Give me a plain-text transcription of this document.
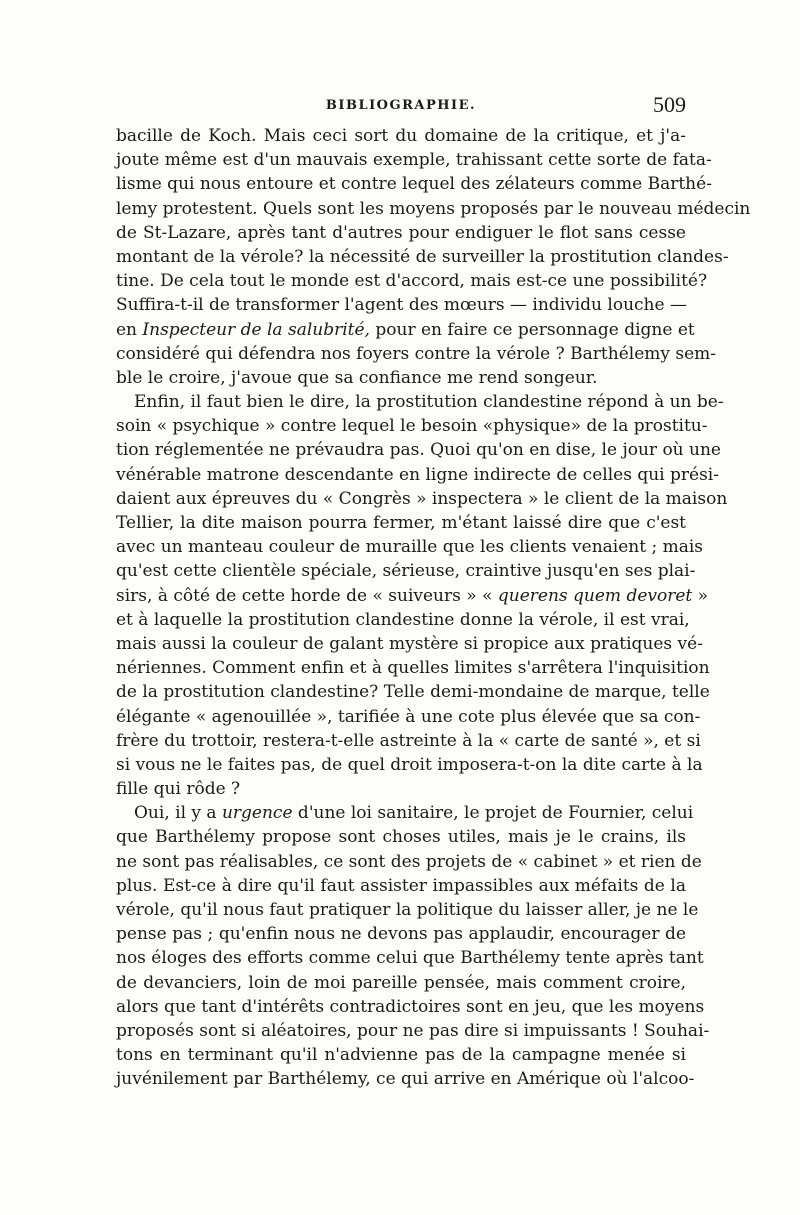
BIBLIOGRAPHIE.	509
bacille de Koch. Mais ceci sort du domaine de la critique, et j'a-
joute même est d'un mauvais exemple, trahissant cette sorte de fata-
lisme qui nous entoure et contre lequel des zélateurs comme Barthé-
lemy protestent. Quels sont les moyens proposés par le nouveau médecin
de St-Lazare, après tant d'autres pour endiguer le flot sans cesse
montant de la vérole? la nécessité de surveiller la prostitution clandes-
tine. De cela tout le monde est d'accord, mais est-ce une possibilité?
Suffira-t-il de transformer l'agent des mœurs — individu louche —
en Inspecteur de la salubrité, pour en faire ce personnage digne et
considéré qui défendra nos foyers contre la vérole ? Barthélemy sem-
ble le croire, j'avoue que sa confiance me rend songeur.
Enfin, il faut bien le dire, la prostitution clandestine répond à un be-
soin « psychique » contre lequel le besoin «physique» de la prostitu-
tion réglementée ne prévaudra pas. Quoi qu'on en dise, le jour où une
vénérable matrone descendante en ligne indirecte de celles qui prési-
daient aux épreuves du « Congrès » inspectera » le client de la maison
Tellier, la dite maison pourra fermer, m'étant laissé dire que c'est
avec un manteau couleur de muraille que les clients venaient ; mais
qu'est cette clientèle spéciale, sérieuse, craintive jusqu'en ses plai-
sirs, à côté de cette horde de « suiveurs » « querens quem devoret »
et à laquelle la prostitution clandestine donne la vérole, il est vrai,
mais aussi la couleur de galant mystère si propice aux pratiques vé-
nériennes. Comment enfin et à quelles limites s'arrêtera l'inquisition
de la prostitution clandestine? Telle demi-mondaine de marque, telle
élégante « agenouillée », tarifiée à une cote plus élevée que sa con-
frère du trottoir, restera-t-elle astreinte à la « carte de santé », et si
si vous ne le faites pas, de quel droit imposera-t-on la dite carte à la
fille qui rôde ?
Oui, il y a urgence d'une loi sanitaire, le projet de Fournier, celui
que Barthélemy propose sont choses utiles, mais je le crains, ils
ne sont pas réalisables, ce sont des projets de « cabinet » et rien de
plus. Est-ce à dire qu'il faut assister impassibles aux méfaits de la
vérole, qu'il nous faut pratiquer la politique du laisser aller, je ne le
pense pas ; qu'enfin nous ne devons pas applaudir, encourager de
nos éloges des efforts comme celui que Barthélemy tente après tant
de devanciers, loin de moi pareille pensée, mais comment croire,
alors que tant d'intérêts contradictoires sont en jeu, que les moyens
proposés sont si aléatoires, pour ne pas dire si impuissants ! Souhai-
tons en terminant qu'il n'advienne pas de la campagne menée si
juvénilement par Barthélemy, ce qui arrive en Amérique où l'alcoo-
